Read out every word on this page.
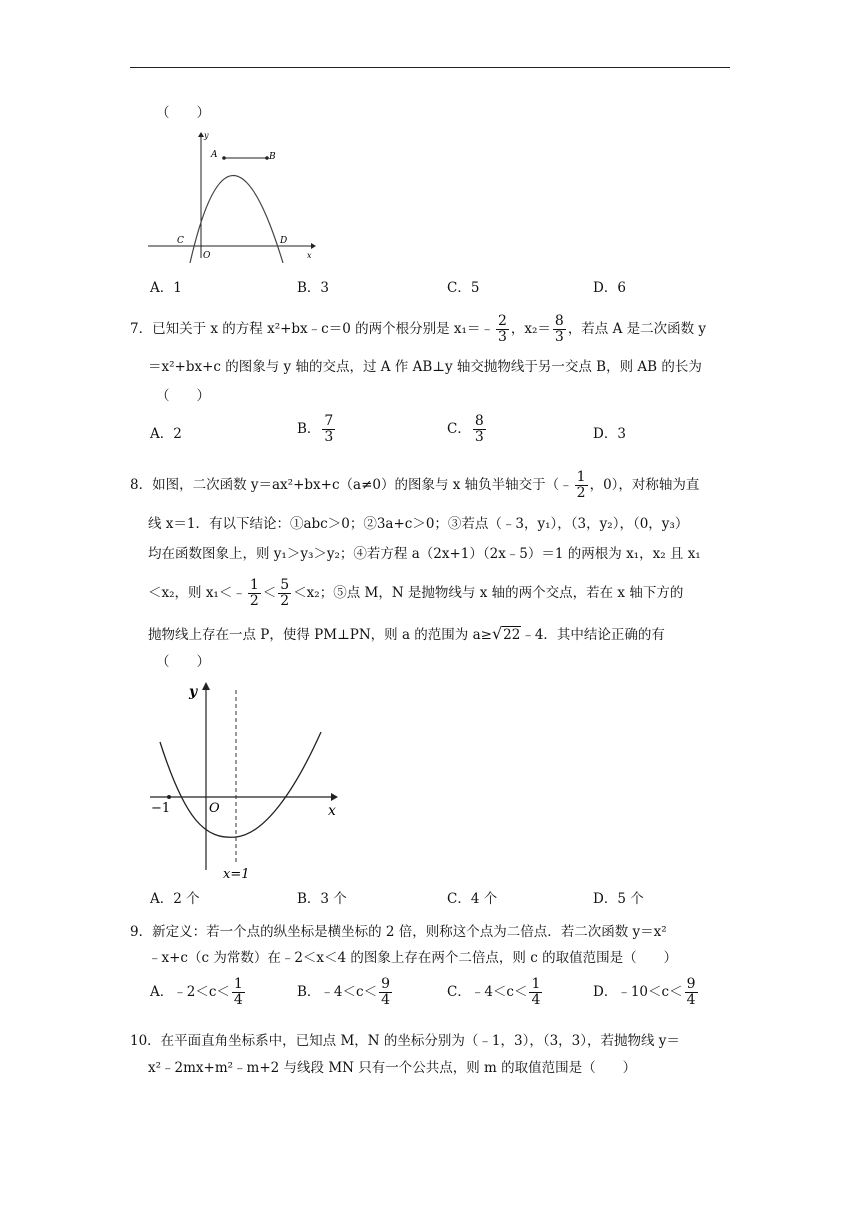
（　　）
y
x
A	B
C	D
O
A．1	B．3	C．5	D．6
7．已知关于 x 的方程 x²+bx﹣c＝0 的两个根分别是 x₁＝﹣ $\frac{2}{3}$ ，$x_2= \frac{8}{3}$ ，若点 A 是二次函数 y
＝x²+bx+c 的图象与 y 轴的交点，过 A 作 AB⊥y 轴交抛物线于另一交点 B，则 AB 的长为
（　　）
A．2	B． $\frac{7}{3}$	C． $\frac{8}{3}$	D．3
8．如图，二次函数 y＝ax²+bx+c（a≠0）的图象与 x 轴负半轴交于（﹣ $\frac{1}{2}$ ，0），对称轴为直
线 x＝1．有以下结论：①abc＞0；②3a+c＞0；③若点（﹣3，y₁），（3，y₂），（0，y₃）
均在函数图象上，则 y₁＞y₃＞y₂；④若方程 a（2x+1）（2x﹣5）＝1 的两根为 x₁，x₂ 且 x₁
＜x₂，则 x₁＜﹣ $\frac{1}{2} < \frac{5}{2} <x_2$；⑤点 M，N 是抛物线与 x 轴的两个交点，若在 x 轴下方的
抛物线上存在一点 P，使得 PM⊥PN，则 a 的范围为 a≥√22﹣4．其中结论正确的有
（　　）
y
x
O
−1
x=1
A．2 个	B．3 个	C．4 个	D．5 个
9．新定义：若一个点的纵坐标是横坐标的 2 倍，则称这个点为二倍点．若二次函数 y＝x²
﹣x+c（c 为常数）在﹣2＜x＜4 的图象上存在两个二倍点，则 c 的取值范围是（　　）
A．﹣2＜c＜ $\frac{1}{4}$	B．﹣4＜c＜ $\frac{9}{4}$	C．﹣4＜c＜ $\frac{1}{4}$	D．﹣10＜c＜ $\frac{9}{4}$
10．在平面直角坐标系中，已知点 M，N 的坐标分别为（﹣1，3），（3，3），若抛物线 y＝
x²﹣2mx+m²﹣m+2 与线段 MN 只有一个公共点，则 m 的取值范围是（　　）
